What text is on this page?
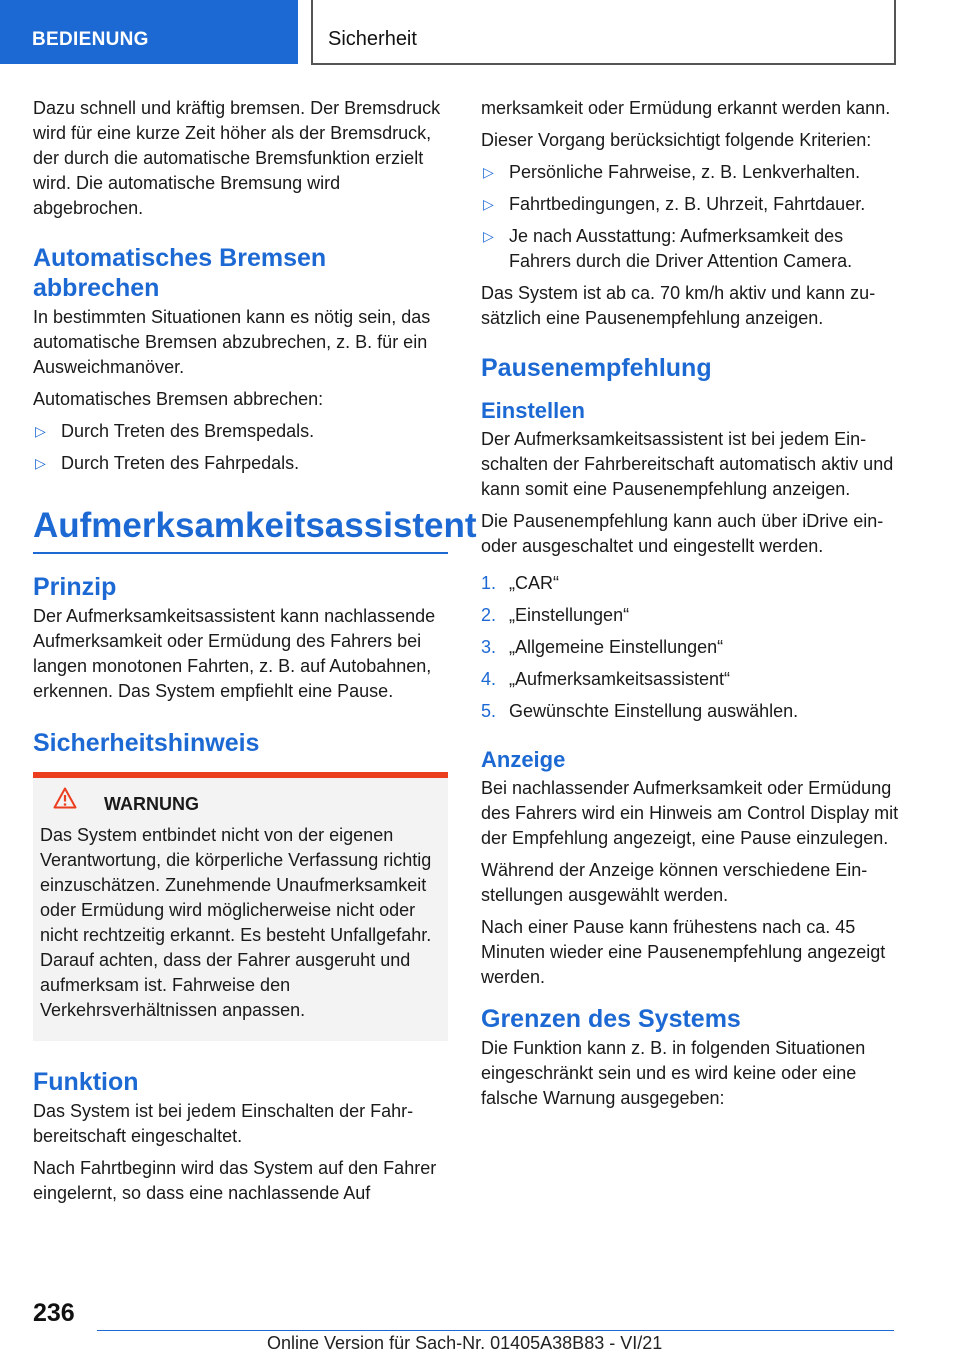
BEDIENUNG	Sicherheit

Dazu schnell und kräftig bremsen. Der Bremsdruck wird für eine kurze Zeit höher als der Bremsdruck, der durch die automatische Bremsfunktion erzielt wird. Die automatische Bremsung wird abgebrochen.

Automatisches Bremsen abbrechen

In bestimmten Situationen kann es nötig sein, das automatische Bremsen abzubrechen, z. B. für ein Ausweichmanöver.

Automatisches Bremsen abbrechen:

▷ Durch Treten des Bremspedals.
▷ Durch Treten des Fahrpedals.
Aufmerksamkeitsassistent
Prinzip

Der Aufmerksamkeitsassistent kann nachlassende Aufmerksamkeit oder Ermüdung des Fahrers bei langen monotonen Fahrten, z. B. auf Autobahnen, erkennen. Das System empfiehlt eine Pause.

Sicherheitshinweis
WARNUNG

Das System entbindet nicht von der eigenen Verantwortung, die körperliche Verfassung richtig einzuschätzen. Zunehmende Unaufmerksamkeit oder Ermüdung wird möglicherweise nicht oder nicht rechtzeitig erkannt. Es besteht Unfallgefahr. Darauf achten, dass der Fahrer ausgeruht und aufmerksam ist. Fahrweise den Verkehrsverhältnissen anpassen.

Funktion

Das System ist bei jedem Einschalten der Fahrbereitschaft eingeschaltet.

Nach Fahrtbeginn wird das System auf den Fahrer eingelernt, so dass eine nachlassende Auf

merksamkeit oder Ermüdung erkannt werden kann.

Dieser Vorgang berücksichtigt folgende Kriterien:

▷ Persönliche Fahrweise, z. B. Lenkverhalten.
▷ Fahrtbedingungen, z. B. Uhrzeit, Fahrtdauer.
▷ Je nach Ausstattung: Aufmerksamkeit des Fahrers durch die Driver Attention Camera.

Das System ist ab ca. 70 km/h aktiv und kann zusätzlich eine Pausenempfehlung anzeigen.

Pausenempfehlung
Einstellen

Der Aufmerksamkeitsassistent ist bei jedem Einschalten der Fahrbereitschaft automatisch aktiv und kann somit eine Pausenempfehlung anzeigen.

Die Pausenempfehlung kann auch über iDrive ein- oder ausgeschaltet und eingestellt werden.

1. „CAR“
2. „Einstellungen“
3. „Allgemeine Einstellungen“
4. „Aufmerksamkeitsassistent“
5. Gewünschte Einstellung auswählen.
Anzeige

Bei nachlassender Aufmerksamkeit oder Ermüdung des Fahrers wird ein Hinweis am Control Display mit der Empfehlung angezeigt, eine Pause einzulegen.

Während der Anzeige können verschiedene Einstellungen ausgewählt werden.

Nach einer Pause kann frühestens nach ca. 45 Minuten wieder eine Pausenempfehlung angezeigt werden.

Grenzen des Systems

Die Funktion kann z. B. in folgenden Situationen eingeschränkt sein und es wird keine oder eine falsche Warnung ausgegeben:

236
Online Version für Sach-Nr. 01405A38B83 - VI/21
